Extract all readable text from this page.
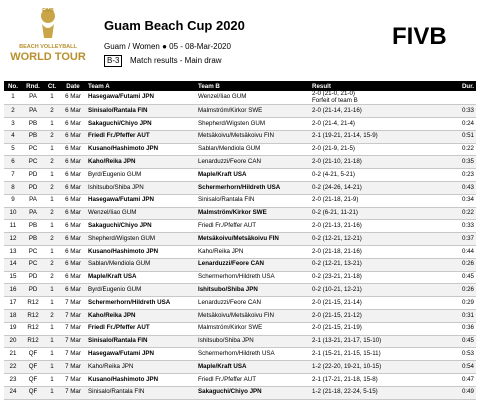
BEACH VOLLEYBALL
WORLD TOUR
FIVB
Guam Beach Cup 2020
Guam / Women ● 05 - 08-Mar-2020
B-3	Match results - Main draw
FIVB
No.	Rnd.	Ct.	Date	Team A	Team B	Result	Dur.
1	PA	1	6 Mar	Hasegawa/Futami JPN	Wenzel/Iiao GUM	2-0 (21-0, 21-0)
Forfeit of team B	

2	PA	2	6 Mar	Sinisalo/Rantala FIN	Malmström/Kirkor SWE	2-0 (21-14, 21-16)	0:33
3	PB	1	6 Mar	Sakaguchi/Chiyo JPN	Shepherd/Wigsten GUM	2-0 (21-4, 21-4)	0:24
4	PB	2	6 Mar	Friedl Fr./Pfeffer AUT	Metsäkoivu/Metsäkoivu FIN	2-1 (19-21, 21-14, 15-9)	0:51
5	PC	1	6 Mar	Kusano/Hashimoto JPN	Sablan/Mendiola GUM	2-0 (21-9, 21-5)	0:22
6	PC	2	6 Mar	Kaho/Reika JPN	Lenarduzzi/Feore CAN	2-0 (21-10, 21-18)	0:35
7	PD	1	6 Mar	Byrd/Eugenio GUM	Maple/Kraft USA	0-2 (4-21, 5-21)	0:23
8	PD	2	6 Mar	Ishitsubo/Shiba JPN	Schermerhorn/Hildreth USA	0-2 (24-26, 14-21)	0:43
9	PA	1	6 Mar	Hasegawa/Futami JPN	Sinisalo/Rantala FIN	2-0 (21-18, 21-9)	0:34
10	PA	2	6 Mar	Wenzel/Iiao GUM	Malmström/Kirkor SWE	0-2 (6-21, 11-21)	0:22
11	PB	1	6 Mar	Sakaguchi/Chiyo JPN	Friedl Fr./Pfeffer AUT	2-0 (21-13, 21-16)	0:33
12	PB	2	6 Mar	Shepherd/Wigsten GUM	Metsäkoivu/Metsäkoivu FIN	0-2 (12-21, 12-21)	0:37
13	PC	1	6 Mar	Kusano/Hashimoto JPN	Kaho/Reika JPN	2-0 (21-18, 21-16)	0:44
14	PC	2	6 Mar	Sablan/Mendiola GUM	Lenarduzzi/Feore CAN	0-2 (12-21, 13-21)	0:26
15	PD	2	6 Mar	Maple/Kraft USA	Schermerhorn/Hildreth USA	0-2 (23-21, 21-18)	0:45
16	PD	1	6 Mar	Byrd/Eugenio GUM	Ishitsubo/Shiba JPN	0-2 (10-21, 12-21)	0:26
17	R12	1	7 Mar	Schermerhorn/Hildreth USA	Lenarduzzi/Feore CAN	2-0 (21-15, 21-14)	0:29
18	R12	2	7 Mar	Kaho/Reika JPN	Metsäkoivu/Metsäkoivu FIN	2-0 (21-15, 21-12)	0:31
19	R12	1	7 Mar	Friedl Fr./Pfeffer AUT	Malmström/Kirkor SWE	2-0 (21-15, 21-19)	0:36
20	R12	1	7 Mar	Sinisalo/Rantala FIN	Ishitsubo/Shiba JPN	2-1 (13-21, 21-17, 15-10)	0:45
21	QF	1	7 Mar	Hasegawa/Futami JPN	Schermerhorn/Hildreth USA	2-1 (15-21, 21-15, 15-11)	0:53
22	QF	1	7 Mar	Kaho/Reika JPN	Maple/Kraft USA	1-2 (22-20, 19-21, 10-15)	0:54
23	QF	1	7 Mar	Kusano/Hashimoto JPN	Friedl Fr./Pfeffer AUT	2-1 (17-21, 21-18, 15-8)	0:47
24	QF	1	7 Mar	Sinisalo/Rantala FIN	Sakaguchi/Chiyo JPN	1-2 (21-18, 22-24, 5-15)	0:49
